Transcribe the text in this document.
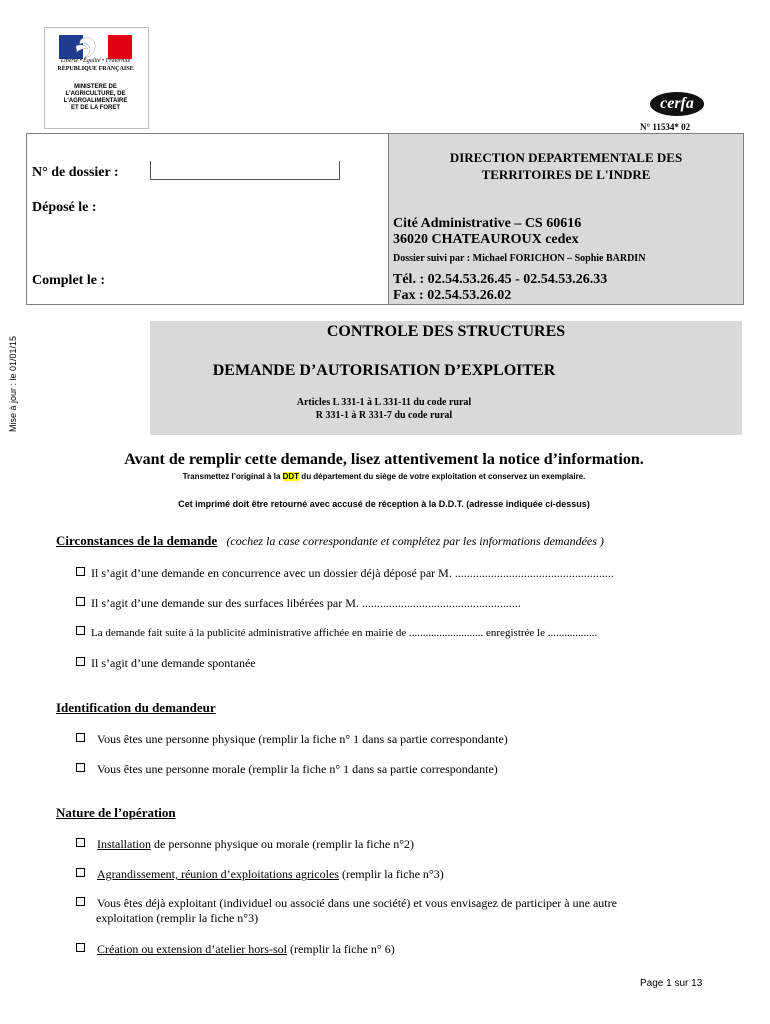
Liberté • Égalité • Fraternité
RÉPUBLIQUE FRANÇAISE
MINISTERE DE
L'AGRICULTURE, DE
L'AGROALIMENTAIRE
ET DE LA FORET	cerfa
N° 11534* 02
N° de dossier :
Déposé le :
Complet le :
DIRECTION DEPARTEMENTALE DES
TERRITOIRES DE L'INDRE
Cité Administrative – CS 60616
36020 CHATEAUROUX cedex
Dossier suivi par : Michael FORICHON – Sophie BARDIN
Tél. : 02.54.53.26.45 - 02.54.53.26.33
Fax : 02.54.53.26.02
Mise à jour : le 01/01/15
CONTROLE DES STRUCTURES
DEMANDE D’AUTORISATION D’EXPLOITER
Articles L 331-1 à L 331-11 du code rural
R 331-1 à R 331-7 du code rural
Avant de remplir cette demande, lisez attentivement la notice d’information.
Transmettez l’original à la DDT du département du siège de votre exploitation et conservez un exemplaire.
Cet imprimé doit être retourné avec accusé de réception à la D.D.T. (adresse indiquée ci-dessus)
Circonstances de la demande (cochez la case correspondante et complétez par les informations demandées )
Il s’agit d’une demande en concurrence avec un dossier déjà déposé par M. .....................................................
Il s’agit d’une demande sur des surfaces libérées par M. .....................................................
La demande fait suite à la publicité administrative affichée en mairie de ........................... enregistrée le ..................
Il s’agit d’une demande spontanée
Identification du demandeur
Vous êtes une personne physique (remplir la fiche n° 1 dans sa partie correspondante)
Vous êtes une personne morale (remplir la fiche n° 1 dans sa partie correspondante)
Nature de l’opération
Installation de personne physique ou morale (remplir la fiche n°2)
Agrandissement, réunion d’exploitations agricoles (remplir la fiche n°3)
Vous êtes déjà exploitant (individuel ou associé dans une société) et vous envisagez de participer à une autre
exploitation (remplir la fiche n°3)
Création ou extension d’atelier hors-sol (remplir la fiche n° 6)
Page 1 sur 13
